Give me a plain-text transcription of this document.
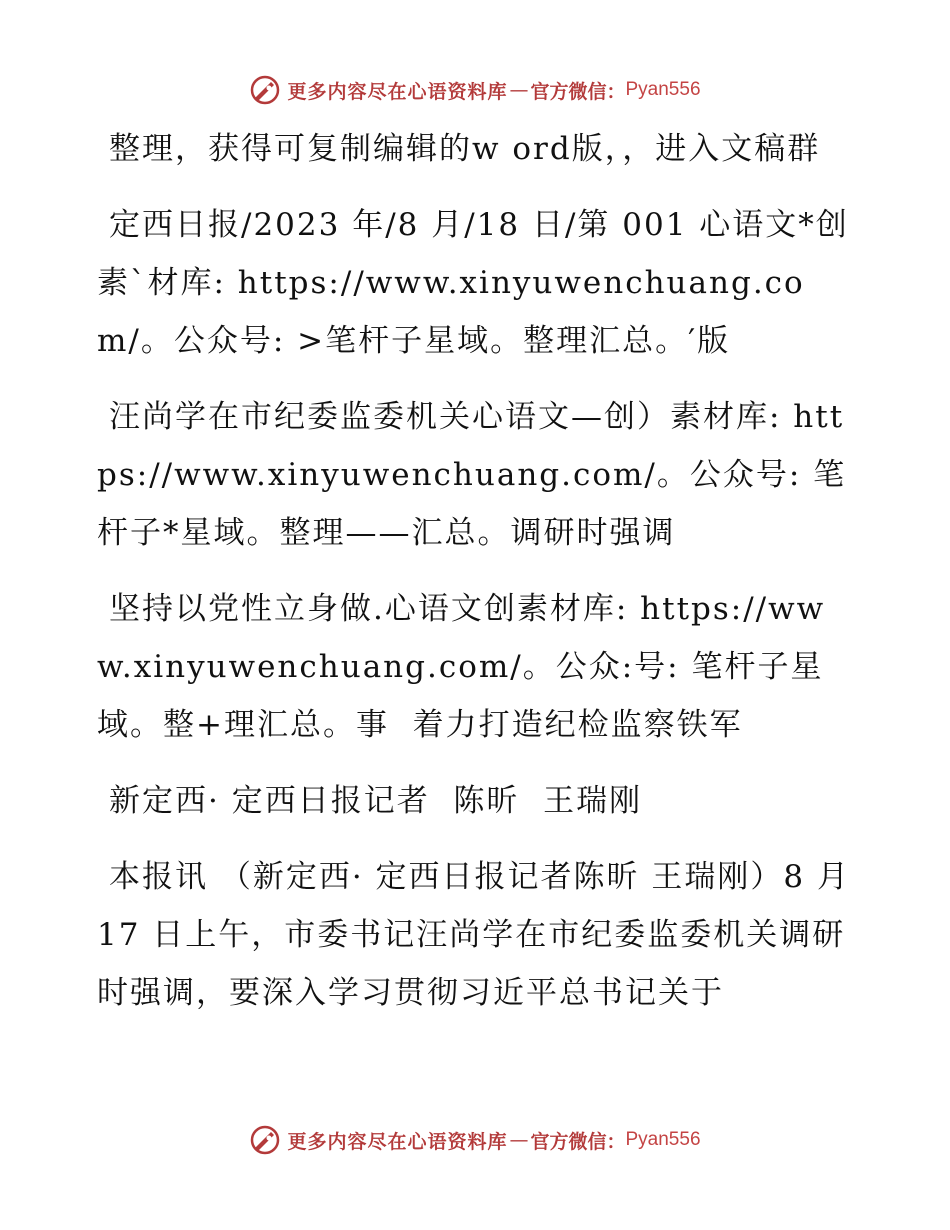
更多内容尽在心语资料库 — 官方微信： Pyan556

整理，获得可复制编辑的w ord版，，进入文稿群

定西日报/2023 年/8 月/18 日/第 001 心语文*创素`材库: https://www.xinyuwenchuang.com/。公众号: >笔杆子星域。整理汇总。′版

汪尚学在市纪委监委机关心语文—创）素材库: https://www.xinyuwenchuang.com/。公众号: 笔杆子*星域。整理——汇总。调研时强调

坚持以党性立身做.心语文创素材库: https://www.xinyuwenchuang.com/。公众:号: 笔杆子星域。整+理汇总。事  着力打造纪检监察铁军

新定西· 定西日报记者  陈昕  王瑞刚

本报讯 （新定西· 定西日报记者陈昕 王瑞刚）8 月 17 日上午，市委书记汪尚学在市纪委监委机关调研时强调，要深入学习贯彻习近平总书记关于

更多内容尽在心语资料库 — 官方微信： Pyan556
